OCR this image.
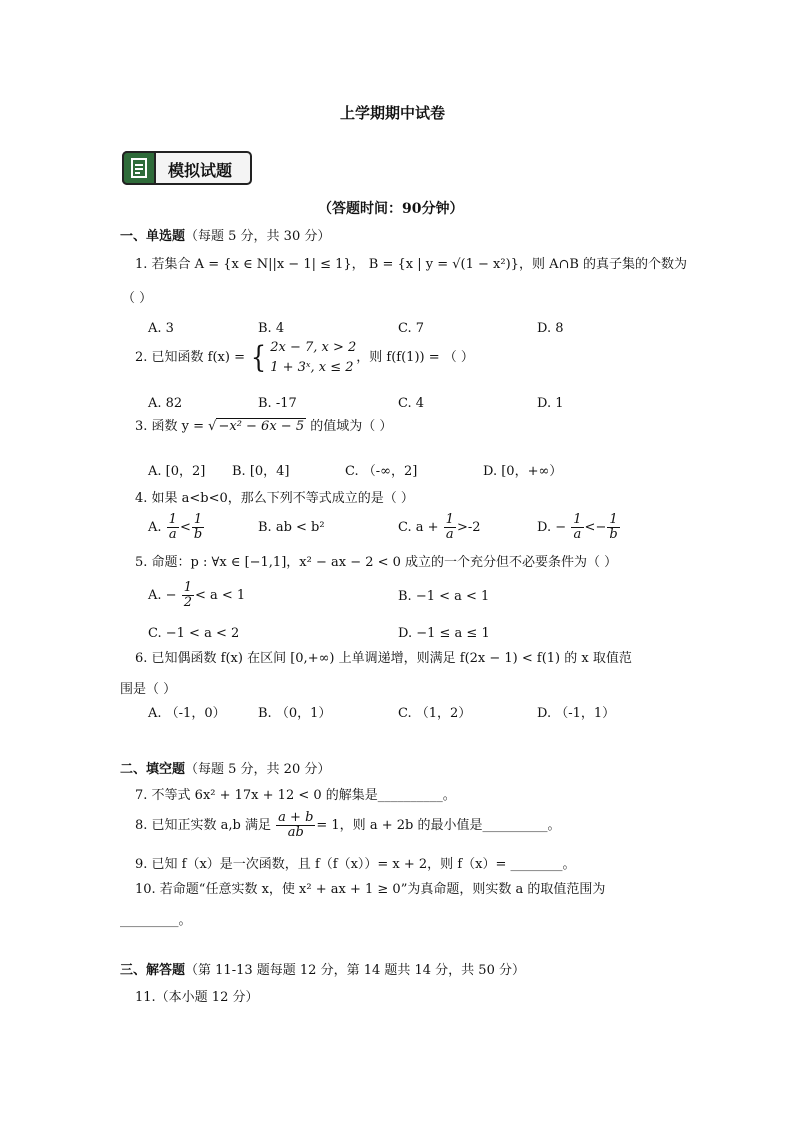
上学期期中试卷
模拟试题
（答题时间：90分钟）
一、单选题（每题 5 分，共 30 分）
1. 若集合 A = {x ∈ N||x − 1| ≤ 1}， B = {x | y = √(1 − x²)}，则 A∩B 的真子集的个数为
（ ）
A. 3	B. 4	C. 7	D. 8
2. 已知函数 f(x) = { 2x − 7, x > 2
1 + 3ˣ, x ≤ 2
，则 f(f(1)) = （ ）
A. 82	B. -17	C. 4	D. 1
3. 函数 y = √ −x² − 6x − 5 的值域为（ ）
A. [0，2] B. [0，4]	C. （-∞，2]	D. [0，+∞）
4. 如果 a<b<0，那么下列不等式成立的是（ ）
A. $\frac{1}{a} < \frac{1}{b}$	B. ab < b²	C. $a + \frac{1}{a} >-2$	D. − $\frac{1}{a} <- \frac{1}{b}$
5. 命题：p : ∀x ∈ [−1,1]，x² − ax − 2 < 0 成立的一个充分但不必要条件为（ ）
A. − $\frac{1}{2} < a < 1$	B. −1 < a < 1
C. −1 < a < 2	D. −1 ≤ a ≤ 1
6. 已知偶函数 f(x) 在区间 [0,+∞) 上单调递增，则满足 f(2x − 1) < f(1) 的 x 取值范
围是（ ）
A. （-1，0） B. （0，1）	C. （1，2）	D. （-1，1）
二、填空题（每题 5 分，共 20 分）
7. 不等式 6x² + 17x + 12 < 0 的解集是__________。
8. 已知正实数 a,b 满足 $\frac{a + b}{ab} = 1$，则 a + 2b 的最小值是__________。
9. 已知 f（x）是一次函数，且 f（f（x））= x + 2，则 f（x）= ________。
10. 若命题“任意实数 x，使 x² + ax + 1 ≥ 0”为真命题，则实数 a 的取值范围为
_________。
三、解答题（第 11-13 题每题 12 分，第 14 题共 14 分，共 50 分）
11.（本小题 12 分）
